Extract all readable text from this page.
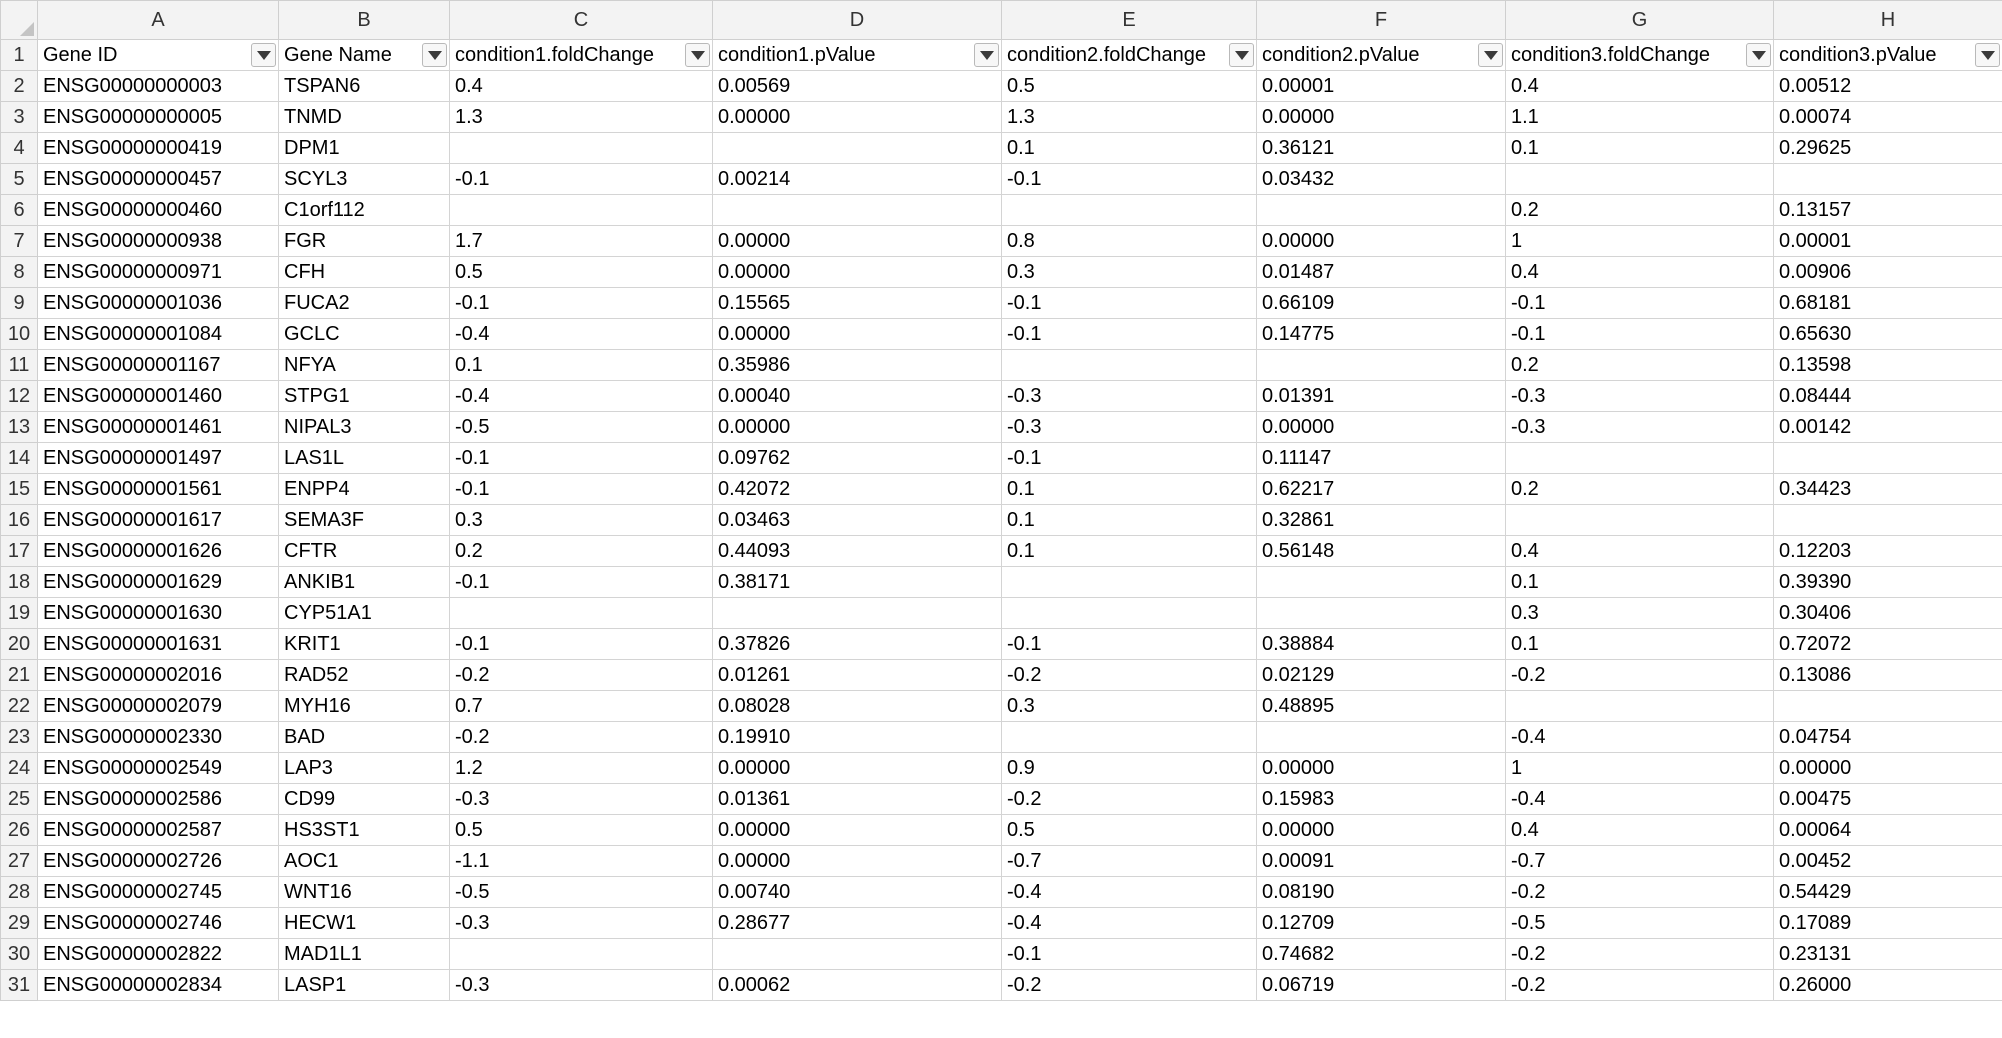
	A	B	C	D	E	F	G	H
1	Gene ID	Gene Name	condition1.foldChange	condition1.pValue	condition2.foldChange	condition2.pValue	condition3.foldChange	condition3.pValue

2	ENSG00000000003	TSPAN6	0.4	0.00569	0.5	0.00001	0.4	0.00512
3	ENSG00000000005	TNMD	1.3	0.00000	1.3	0.00000	1.1	0.00074
4	ENSG00000000419	DPM1			0.1	0.36121	0.1	0.29625
5	ENSG00000000457	SCYL3	-0.1	0.00214	-0.1	0.03432		
6	ENSG00000000460	C1orf112					0.2	0.13157
7	ENSG00000000938	FGR	1.7	0.00000	0.8	0.00000	1	0.00001
8	ENSG00000000971	CFH	0.5	0.00000	0.3	0.01487	0.4	0.00906
9	ENSG00000001036	FUCA2	-0.1	0.15565	-0.1	0.66109	-0.1	0.68181
10	ENSG00000001084	GCLC	-0.4	0.00000	-0.1	0.14775	-0.1	0.65630
11	ENSG00000001167	NFYA	0.1	0.35986			0.2	0.13598
12	ENSG00000001460	STPG1	-0.4	0.00040	-0.3	0.01391	-0.3	0.08444
13	ENSG00000001461	NIPAL3	-0.5	0.00000	-0.3	0.00000	-0.3	0.00142
14	ENSG00000001497	LAS1L	-0.1	0.09762	-0.1	0.11147		
15	ENSG00000001561	ENPP4	-0.1	0.42072	0.1	0.62217	0.2	0.34423
16	ENSG00000001617	SEMA3F	0.3	0.03463	0.1	0.32861		
17	ENSG00000001626	CFTR	0.2	0.44093	0.1	0.56148	0.4	0.12203
18	ENSG00000001629	ANKIB1	-0.1	0.38171			0.1	0.39390
19	ENSG00000001630	CYP51A1					0.3	0.30406
20	ENSG00000001631	KRIT1	-0.1	0.37826	-0.1	0.38884	0.1	0.72072
21	ENSG00000002016	RAD52	-0.2	0.01261	-0.2	0.02129	-0.2	0.13086
22	ENSG00000002079	MYH16	0.7	0.08028	0.3	0.48895		
23	ENSG00000002330	BAD	-0.2	0.19910			-0.4	0.04754
24	ENSG00000002549	LAP3	1.2	0.00000	0.9	0.00000	1	0.00000
25	ENSG00000002586	CD99	-0.3	0.01361	-0.2	0.15983	-0.4	0.00475
26	ENSG00000002587	HS3ST1	0.5	0.00000	0.5	0.00000	0.4	0.00064
27	ENSG00000002726	AOC1	-1.1	0.00000	-0.7	0.00091	-0.7	0.00452
28	ENSG00000002745	WNT16	-0.5	0.00740	-0.4	0.08190	-0.2	0.54429
29	ENSG00000002746	HECW1	-0.3	0.28677	-0.4	0.12709	-0.5	0.17089
30	ENSG00000002822	MAD1L1			-0.1	0.74682	-0.2	0.23131
31	ENSG00000002834	LASP1	-0.3	0.00062	-0.2	0.06719	-0.2	0.26000
